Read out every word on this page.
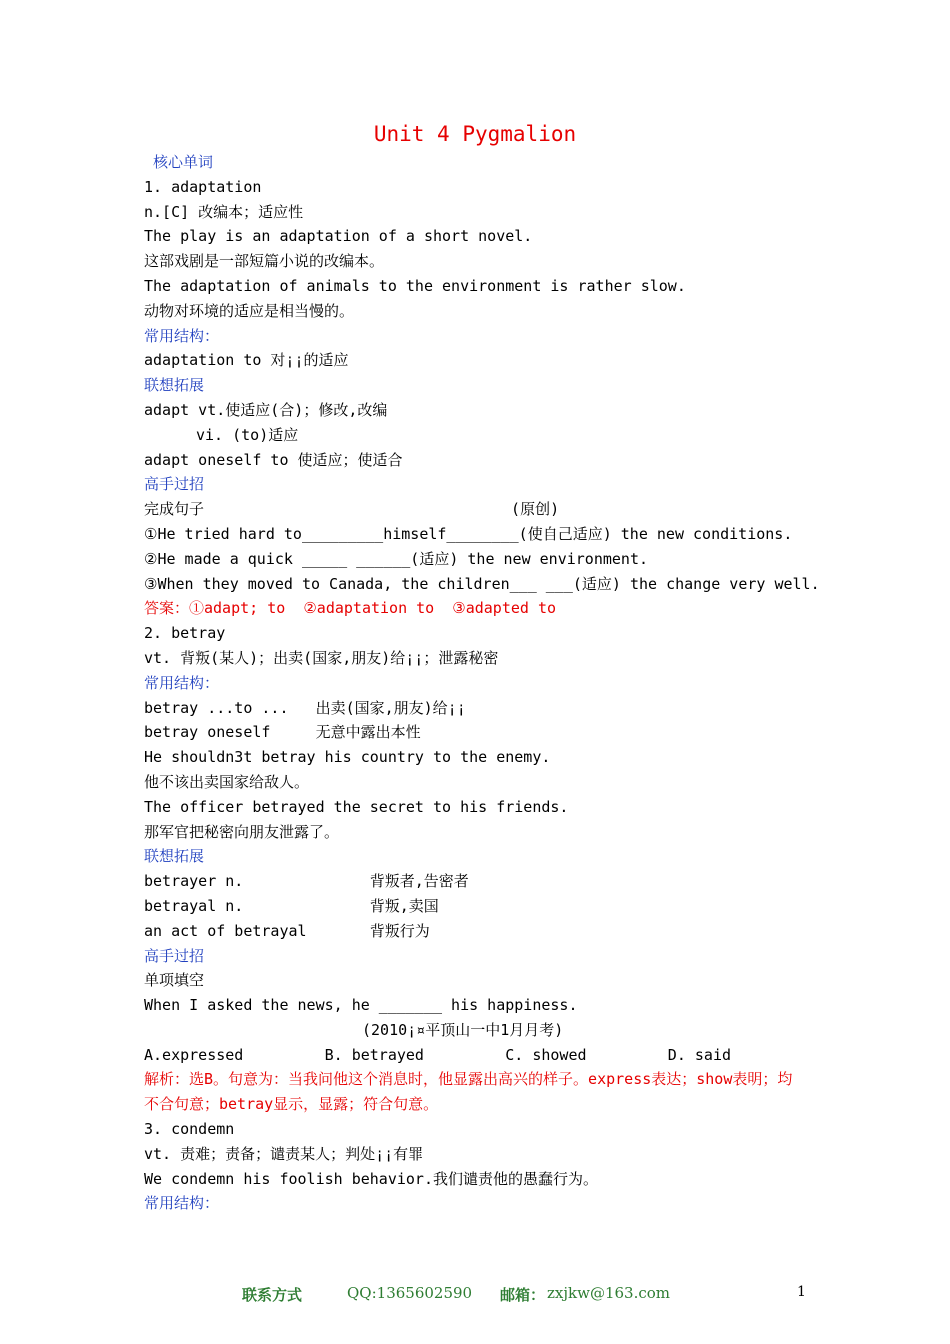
Unit 4 Pygmalion
核心单词
1. adaptation
n.[C] 改编本；适应性
The play is an adaptation of a short novel.
这部戏剧是一部短篇小说的改编本。
The adaptation of animals to the environment is rather slow.
动物对环境的适应是相当慢的。
常用结构：
adaptation to 对¡¡的适应
联想拓展
adapt vt.使适应(合)；修改,改编
vi. (to)适应
adapt oneself to 使适应；使适合
高手过招
完成句子                                  (原创)
①He tried hard to_________himself________(使自己适应) the new conditions.
②He made a quick _____ ______(适应) the new environment.
③When they moved to Canada, the children___ ___(适应) the change very well.
答案：①adapt; to  ②adaptation to  ③adapted to
2. betray
vt. 背叛(某人)；出卖(国家,朋友)给¡¡；泄露秘密
常用结构：
betray ...to ...   出卖(国家,朋友)给¡¡
betray oneself     无意中露出本性
He shouldn3t betray his country to the enemy.
他不该出卖国家给敌人。
The officer betrayed the secret to his friends.
那军官把秘密向朋友泄露了。
联想拓展
betrayer n.              背叛者,告密者
betrayal n.              背叛,卖国
an act of betrayal       背叛行为
高手过招
单项填空
When I asked the news, he _______ his happiness.
(2010¡¤平顶山一中1月月考)
A.expressed         B. betrayed         C. showed         D. said
解析：选B。句意为：当我问他这个消息时，他显露出高兴的样子。express表达；show表明；均
不合句意；betray显示，显露；符合句意。
3. condemn
vt. 责难；责备；谴责某人；判处¡¡有罪
We condemn his foolish behavior.我们谴责他的愚蠢行为。
常用结构：
联系方式	QQ:1365602590 邮箱： zxjkw@163.com	1
